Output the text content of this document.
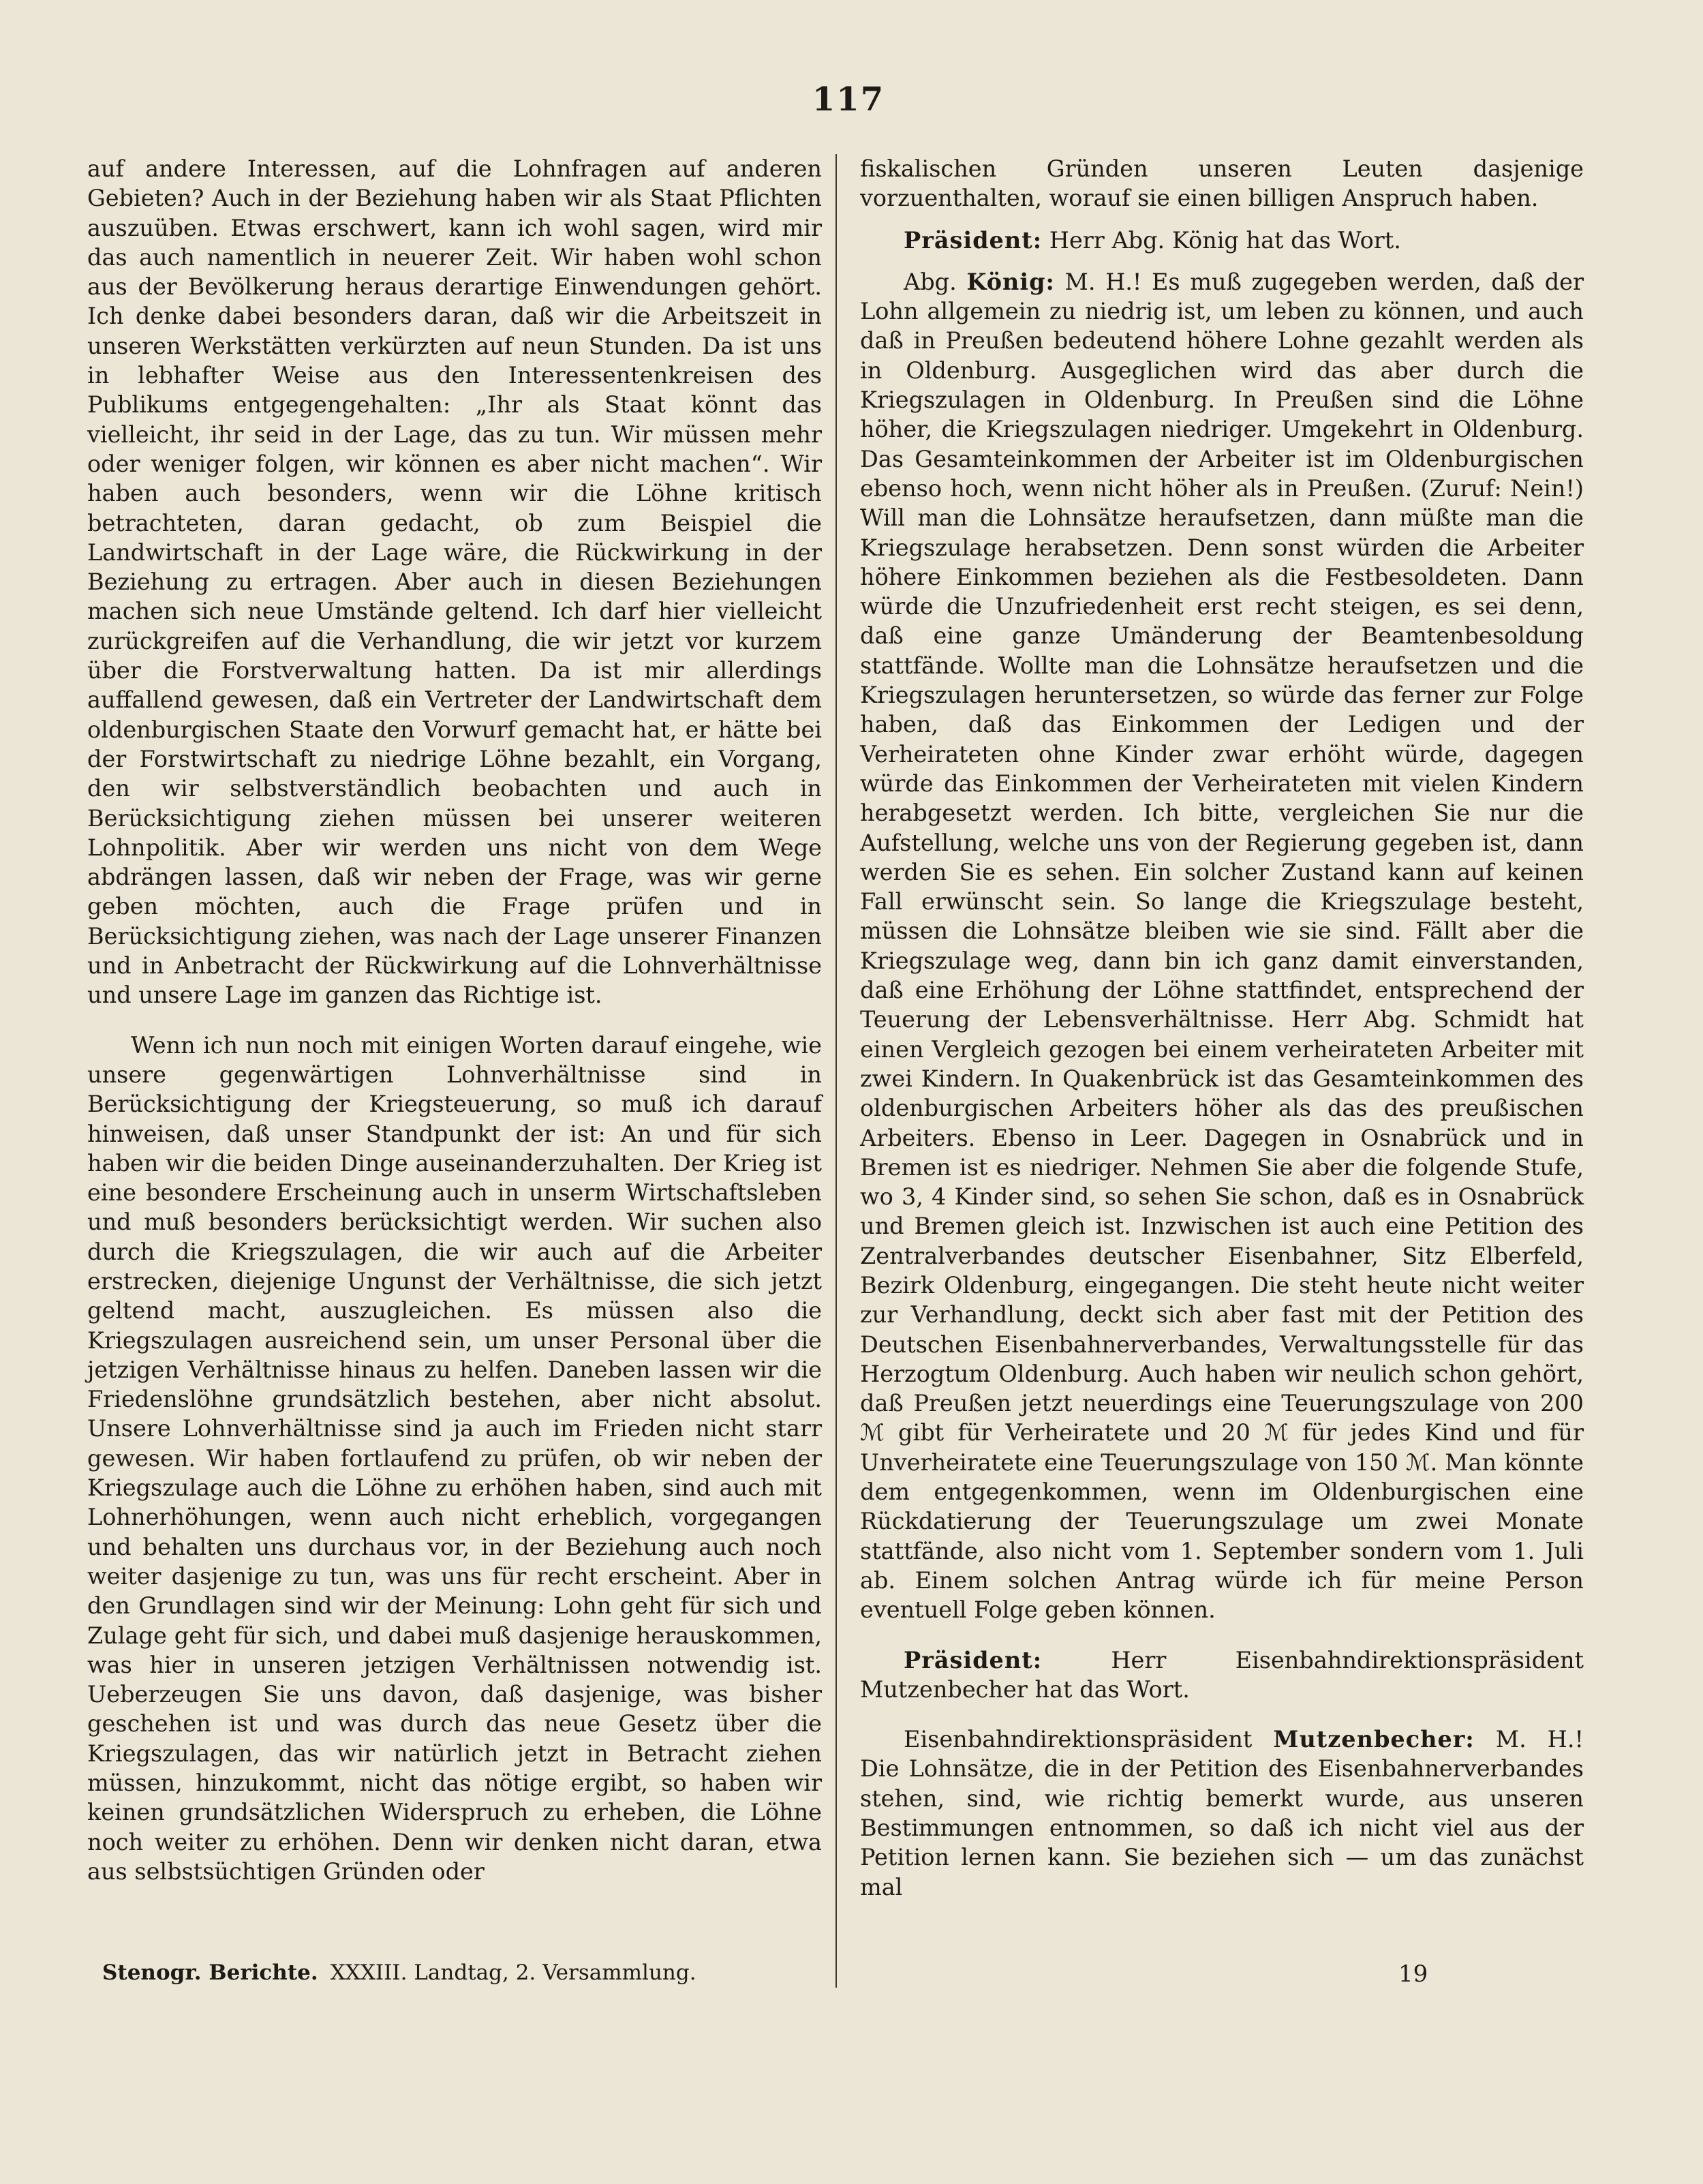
117

auf andere Interessen, auf die Lohnfragen auf anderen Gebieten? Auch in der Beziehung haben wir als Staat Pflichten auszuüben. Etwas erschwert, kann ich wohl sagen, wird mir das auch namentlich in neuerer Zeit. Wir haben wohl schon aus der Bevölkerung heraus derartige Einwendungen gehört. Ich denke dabei besonders daran, daß wir die Arbeitszeit in unseren Werkstätten verkürzten auf neun Stunden. Da ist uns in lebhafter Weise aus den Interessentenkreisen des Publikums entgegengehalten: „Ihr als Staat könnt das vielleicht, ihr seid in der Lage, das zu tun. Wir müssen mehr oder weniger folgen, wir können es aber nicht machen“. Wir haben auch besonders, wenn wir die Löhne kritisch betrachteten, daran gedacht, ob zum Beispiel die Landwirtschaft in der Lage wäre, die Rückwirkung in der Beziehung zu ertragen. Aber auch in diesen Beziehungen machen sich neue Umstände geltend. Ich darf hier vielleicht zurückgreifen auf die Verhandlung, die wir jetzt vor kurzem über die Forstverwaltung hatten. Da ist mir allerdings auffallend gewesen, daß ein Vertreter der Landwirtschaft dem oldenburgischen Staate den Vorwurf gemacht hat, er hätte bei der Forstwirtschaft zu niedrige Löhne bezahlt, ein Vorgang, den wir selbstverständlich beobachten und auch in Berücksichtigung ziehen müssen bei unserer weiteren Lohnpolitik. Aber wir werden uns nicht von dem Wege abdrängen lassen, daß wir neben der Frage, was wir gerne geben möchten, auch die Frage prüfen und in Berücksichtigung ziehen, was nach der Lage unserer Finanzen und in Anbetracht der Rückwirkung auf die Lohnverhältnisse und unsere Lage im ganzen das Richtige ist.

Wenn ich nun noch mit einigen Worten darauf eingehe, wie unsere gegenwärtigen Lohnverhältnisse sind in Berücksichtigung der Kriegsteuerung, so muß ich darauf hinweisen, daß unser Standpunkt der ist: An und für sich haben wir die beiden Dinge auseinanderzuhalten. Der Krieg ist eine besondere Erscheinung auch in unserm Wirtschaftsleben und muß besonders berücksichtigt werden. Wir suchen also durch die Kriegszulagen, die wir auch auf die Arbeiter erstrecken, diejenige Ungunst der Verhältnisse, die sich jetzt geltend macht, auszugleichen. Es müssen also die Kriegszulagen ausreichend sein, um unser Personal über die jetzigen Verhältnisse hinaus zu helfen. Daneben lassen wir die Friedenslöhne grundsätzlich bestehen, aber nicht absolut. Unsere Lohnverhältnisse sind ja auch im Frieden nicht starr gewesen. Wir haben fortlaufend zu prüfen, ob wir neben der Kriegszulage auch die Löhne zu erhöhen haben, sind auch mit Lohnerhöhungen, wenn auch nicht erheblich, vorgegangen und behalten uns durchaus vor, in der Beziehung auch noch weiter dasjenige zu tun, was uns für recht erscheint. Aber in den Grundlagen sind wir der Meinung: Lohn geht für sich und Zulage geht für sich, und dabei muß dasjenige herauskommen, was hier in unseren jetzigen Verhältnissen notwendig ist. Ueberzeugen Sie uns davon, daß dasjenige, was bisher geschehen ist und was durch das neue Gesetz über die Kriegszulagen, das wir natürlich jetzt in Betracht ziehen müssen, hinzukommt, nicht das nötige ergibt, so haben wir keinen grundsätzlichen Widerspruch zu erheben, die Löhne noch weiter zu erhöhen. Denn wir denken nicht daran, etwa aus selbstsüchtigen Gründen oder

fiskalischen Gründen unseren Leuten dasjenige vorzuenthalten, worauf sie einen billigen Anspruch haben.

Präsident: Herr Abg. König hat das Wort.

Abg. König: M. H.! Es muß zugegeben werden, daß der Lohn allgemein zu niedrig ist, um leben zu können, und auch daß in Preußen bedeutend höhere Lohne gezahlt werden als in Oldenburg. Ausgeglichen wird das aber durch die Kriegszulagen in Oldenburg. In Preußen sind die Löhne höher, die Kriegszulagen niedriger. Umgekehrt in Oldenburg. Das Gesamteinkommen der Arbeiter ist im Oldenburgischen ebenso hoch, wenn nicht höher als in Preußen. (Zuruf: Nein!) Will man die Lohnsätze heraufsetzen, dann müßte man die Kriegszulage herabsetzen. Denn sonst würden die Arbeiter höhere Einkommen beziehen als die Festbesoldeten. Dann würde die Unzufriedenheit erst recht steigen, es sei denn, daß eine ganze Umänderung der Beamtenbesoldung stattfände. Wollte man die Lohnsätze heraufsetzen und die Kriegszulagen heruntersetzen, so würde das ferner zur Folge haben, daß das Einkommen der Ledigen und der Verheirateten ohne Kinder zwar erhöht würde, dagegen würde das Einkommen der Verheirateten mit vielen Kindern herabgesetzt werden. Ich bitte, vergleichen Sie nur die Aufstellung, welche uns von der Regierung gegeben ist, dann werden Sie es sehen. Ein solcher Zustand kann auf keinen Fall erwünscht sein. So lange die Kriegszulage besteht, müssen die Lohnsätze bleiben wie sie sind. Fällt aber die Kriegszulage weg, dann bin ich ganz damit einverstanden, daß eine Erhöhung der Löhne stattfindet, entsprechend der Teuerung der Lebensverhältnisse. Herr Abg. Schmidt hat einen Vergleich gezogen bei einem verheirateten Arbeiter mit zwei Kindern. In Quakenbrück ist das Gesamteinkommen des oldenburgischen Arbeiters höher als das des preußischen Arbeiters. Ebenso in Leer. Dagegen in Osnabrück und in Bremen ist es niedriger. Nehmen Sie aber die folgende Stufe, wo 3, 4 Kinder sind, so sehen Sie schon, daß es in Osnabrück und Bremen gleich ist. Inzwischen ist auch eine Petition des Zentralverbandes deutscher Eisenbahner, Sitz Elberfeld, Bezirk Oldenburg, eingegangen. Die steht heute nicht weiter zur Verhandlung, deckt sich aber fast mit der Petition des Deutschen Eisenbahnerverbandes, Verwaltungsstelle für das Herzogtum Oldenburg. Auch haben wir neulich schon gehört, daß Preußen jetzt neuerdings eine Teuerungszulage von 200 ℳ gibt für Verheiratete und 20 ℳ für jedes Kind und für Unverheiratete eine Teuerungszulage von 150 ℳ. Man könnte dem entgegenkommen, wenn im Oldenburgischen eine Rückdatierung der Teuerungszulage um zwei Monate stattfände, also nicht vom 1. September sondern vom 1. Juli ab. Einem solchen Antrag würde ich für meine Person eventuell Folge geben können.

Präsident: Herr Eisenbahndirektionspräsident Mutzenbecher hat das Wort.

Eisenbahndirektionspräsident Mutzenbecher: M. H.! Die Lohnsätze, die in der Petition des Eisenbahnerverbandes stehen, sind, wie richtig bemerkt wurde, aus unseren Bestimmungen entnommen, so daß ich nicht viel aus der Petition lernen kann. Sie beziehen sich — um das zunächst mal

Stenogr. Berichte. XXXIII. Landtag, 2. Versammlung.	19
